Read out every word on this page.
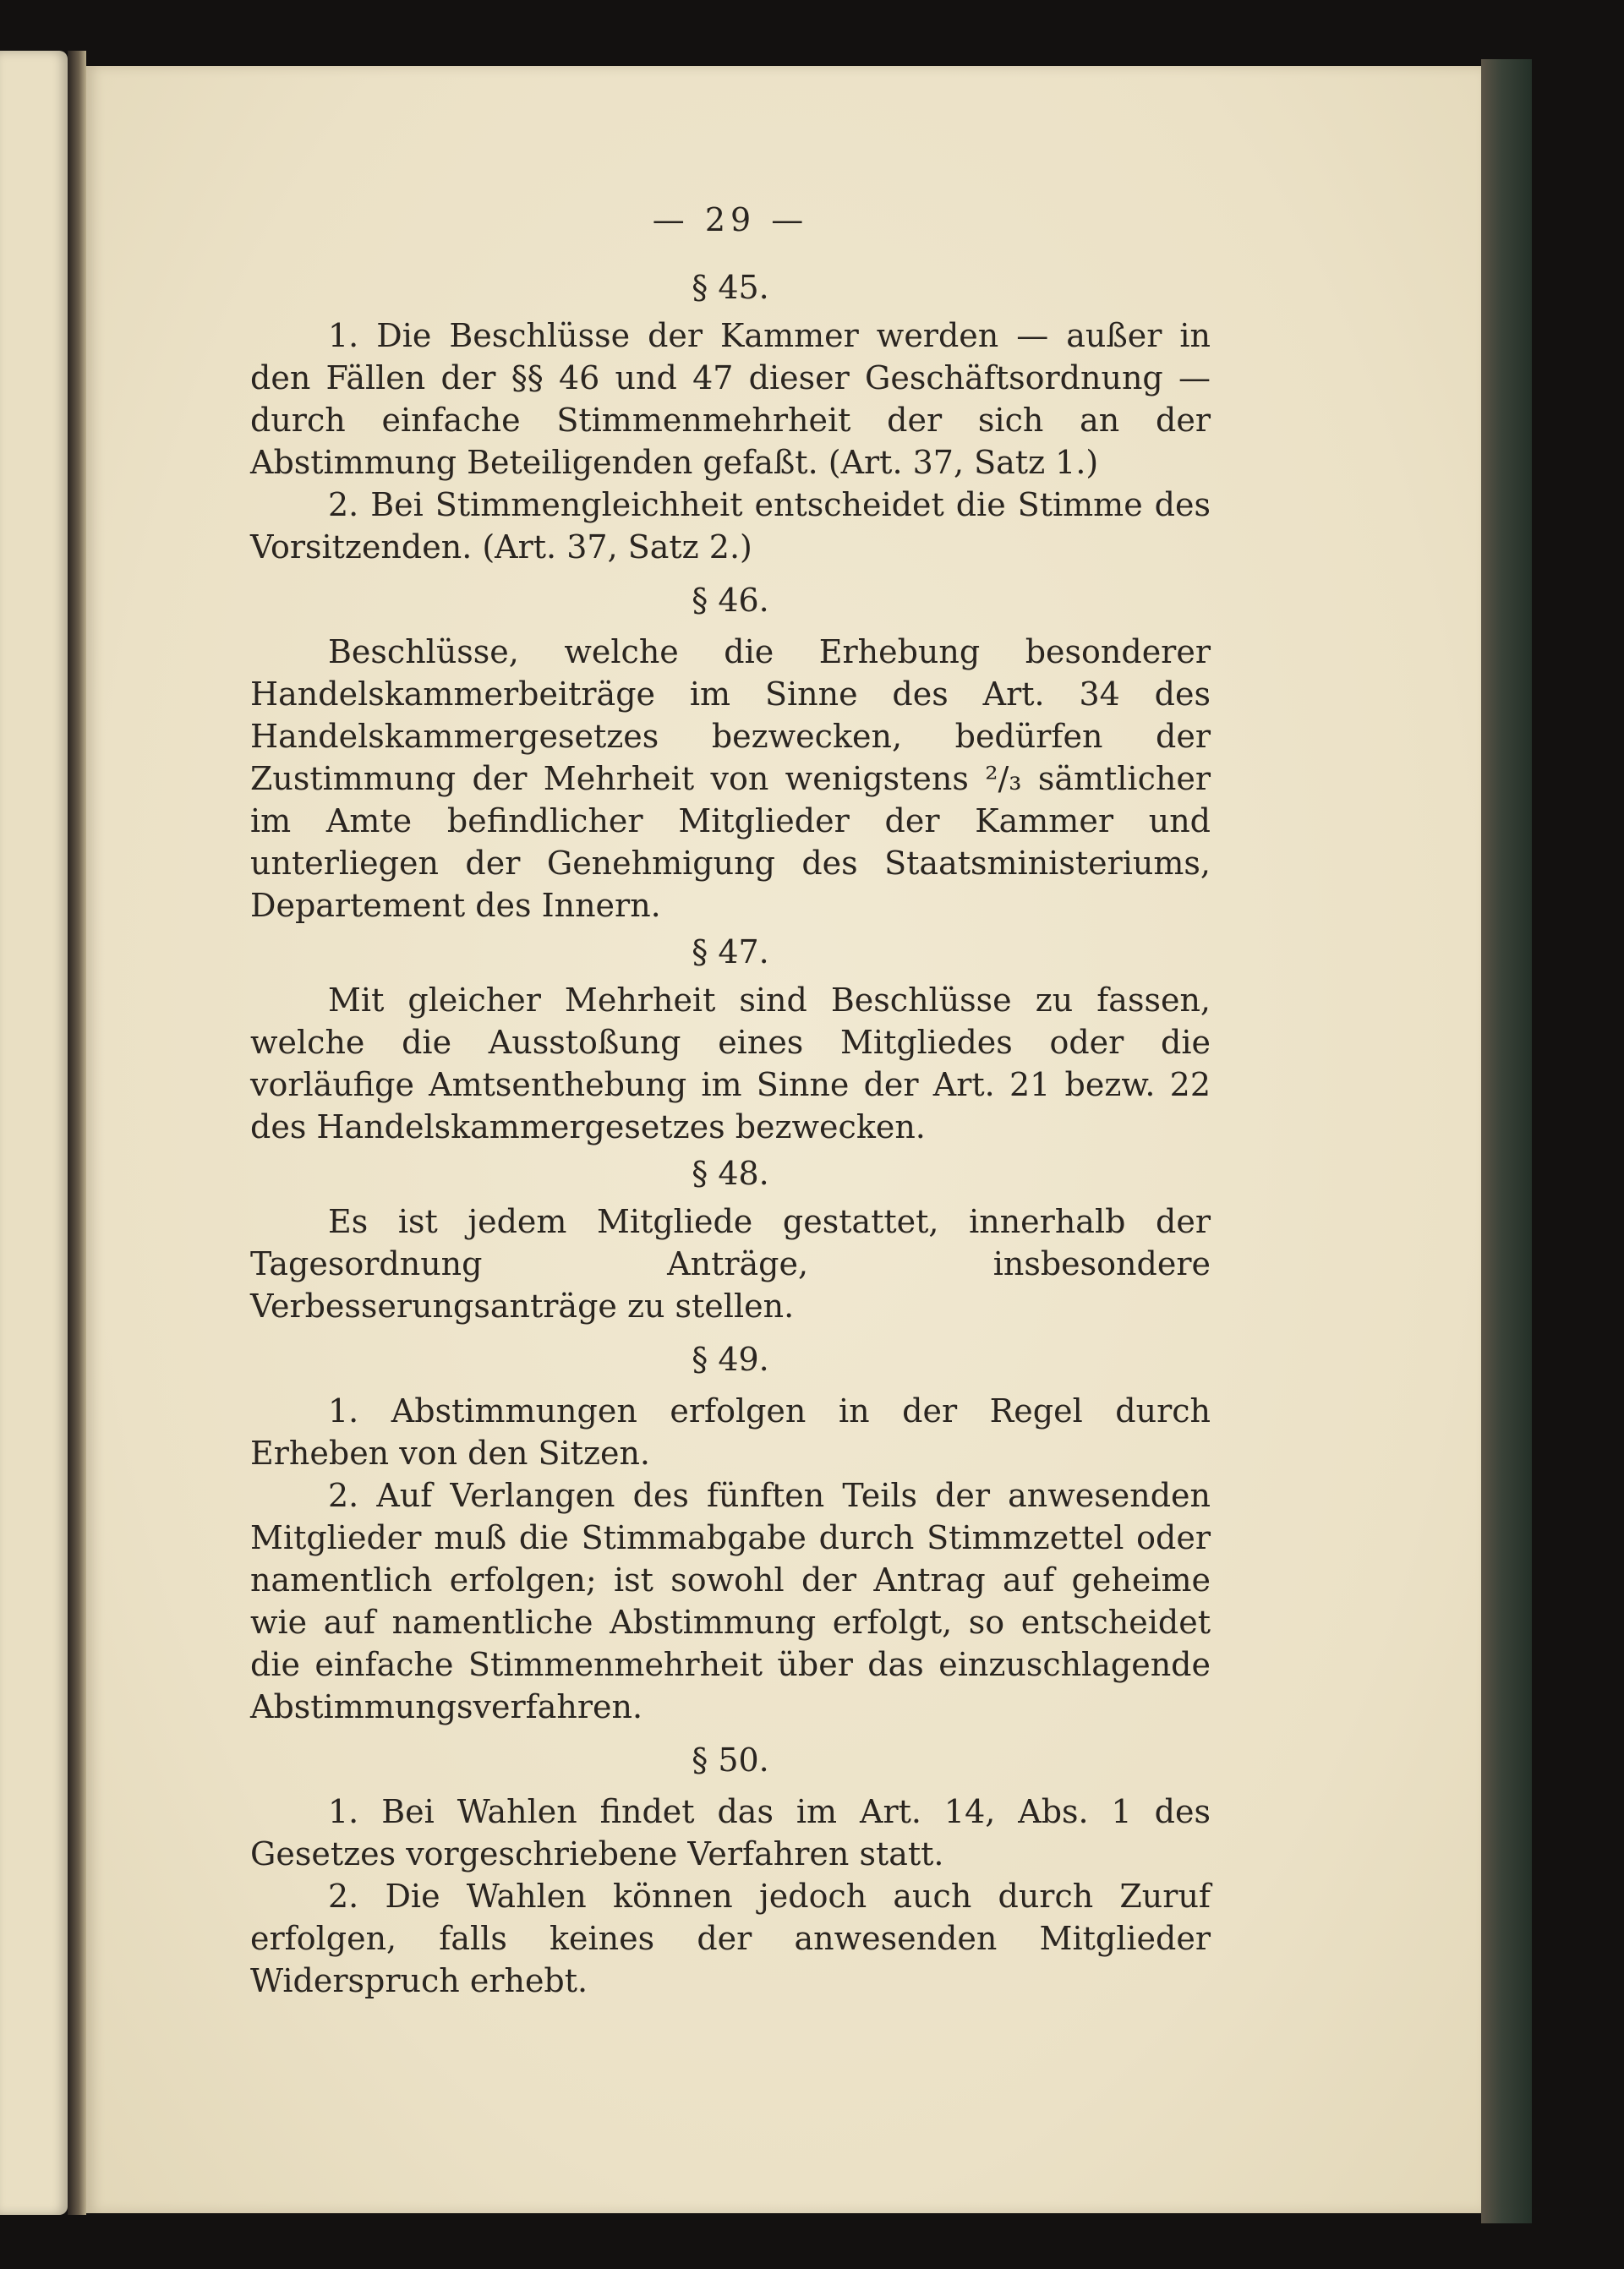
— 29 —
§ 45.

1. Die Beschlüsse der Kammer werden — außer in den Fällen der §§ 46 und 47 dieser Geschäftsordnung — durch einfache Stimmenmehrheit der sich an der Abstimmung Beteiligenden gefaßt. (Art. 37, Satz 1.)

2. Bei Stimmengleichheit entscheidet die Stimme des Vorsitzenden. (Art. 37, Satz 2.)

§ 46.

Beschlüsse, welche die Erhebung besonderer Handelskammerbeiträge im Sinne des Art. 34 des Handelskammergesetzes bezwecken, bedürfen der Zustimmung der Mehrheit von wenigstens ²/₃ sämtlicher im Amte befindlicher Mitglieder der Kammer und unterliegen der Genehmigung des Staatsministeriums, Departement des Innern.

§ 47.

Mit gleicher Mehrheit sind Beschlüsse zu fassen, welche die Ausstoßung eines Mitgliedes oder die vorläufige Amtsenthebung im Sinne der Art. 21 bezw. 22 des Handelskammergesetzes bezwecken.

§ 48.

Es ist jedem Mitgliede gestattet, innerhalb der Tagesordnung Anträge, insbesondere Verbesserungsanträge zu stellen.

§ 49.

1. Abstimmungen erfolgen in der Regel durch Erheben von den Sitzen.

2. Auf Verlangen des fünften Teils der anwesenden Mitglieder muß die Stimmabgabe durch Stimmzettel oder namentlich erfolgen; ist sowohl der Antrag auf geheime wie auf namentliche Abstimmung erfolgt, so entscheidet die einfache Stimmenmehrheit über das einzuschlagende Abstimmungsverfahren.

§ 50.

1. Bei Wahlen findet das im Art. 14, Abs. 1 des Gesetzes vorgeschriebene Verfahren statt.

2. Die Wahlen können jedoch auch durch Zuruf erfolgen, falls keines der anwesenden Mitglieder Widerspruch erhebt.
